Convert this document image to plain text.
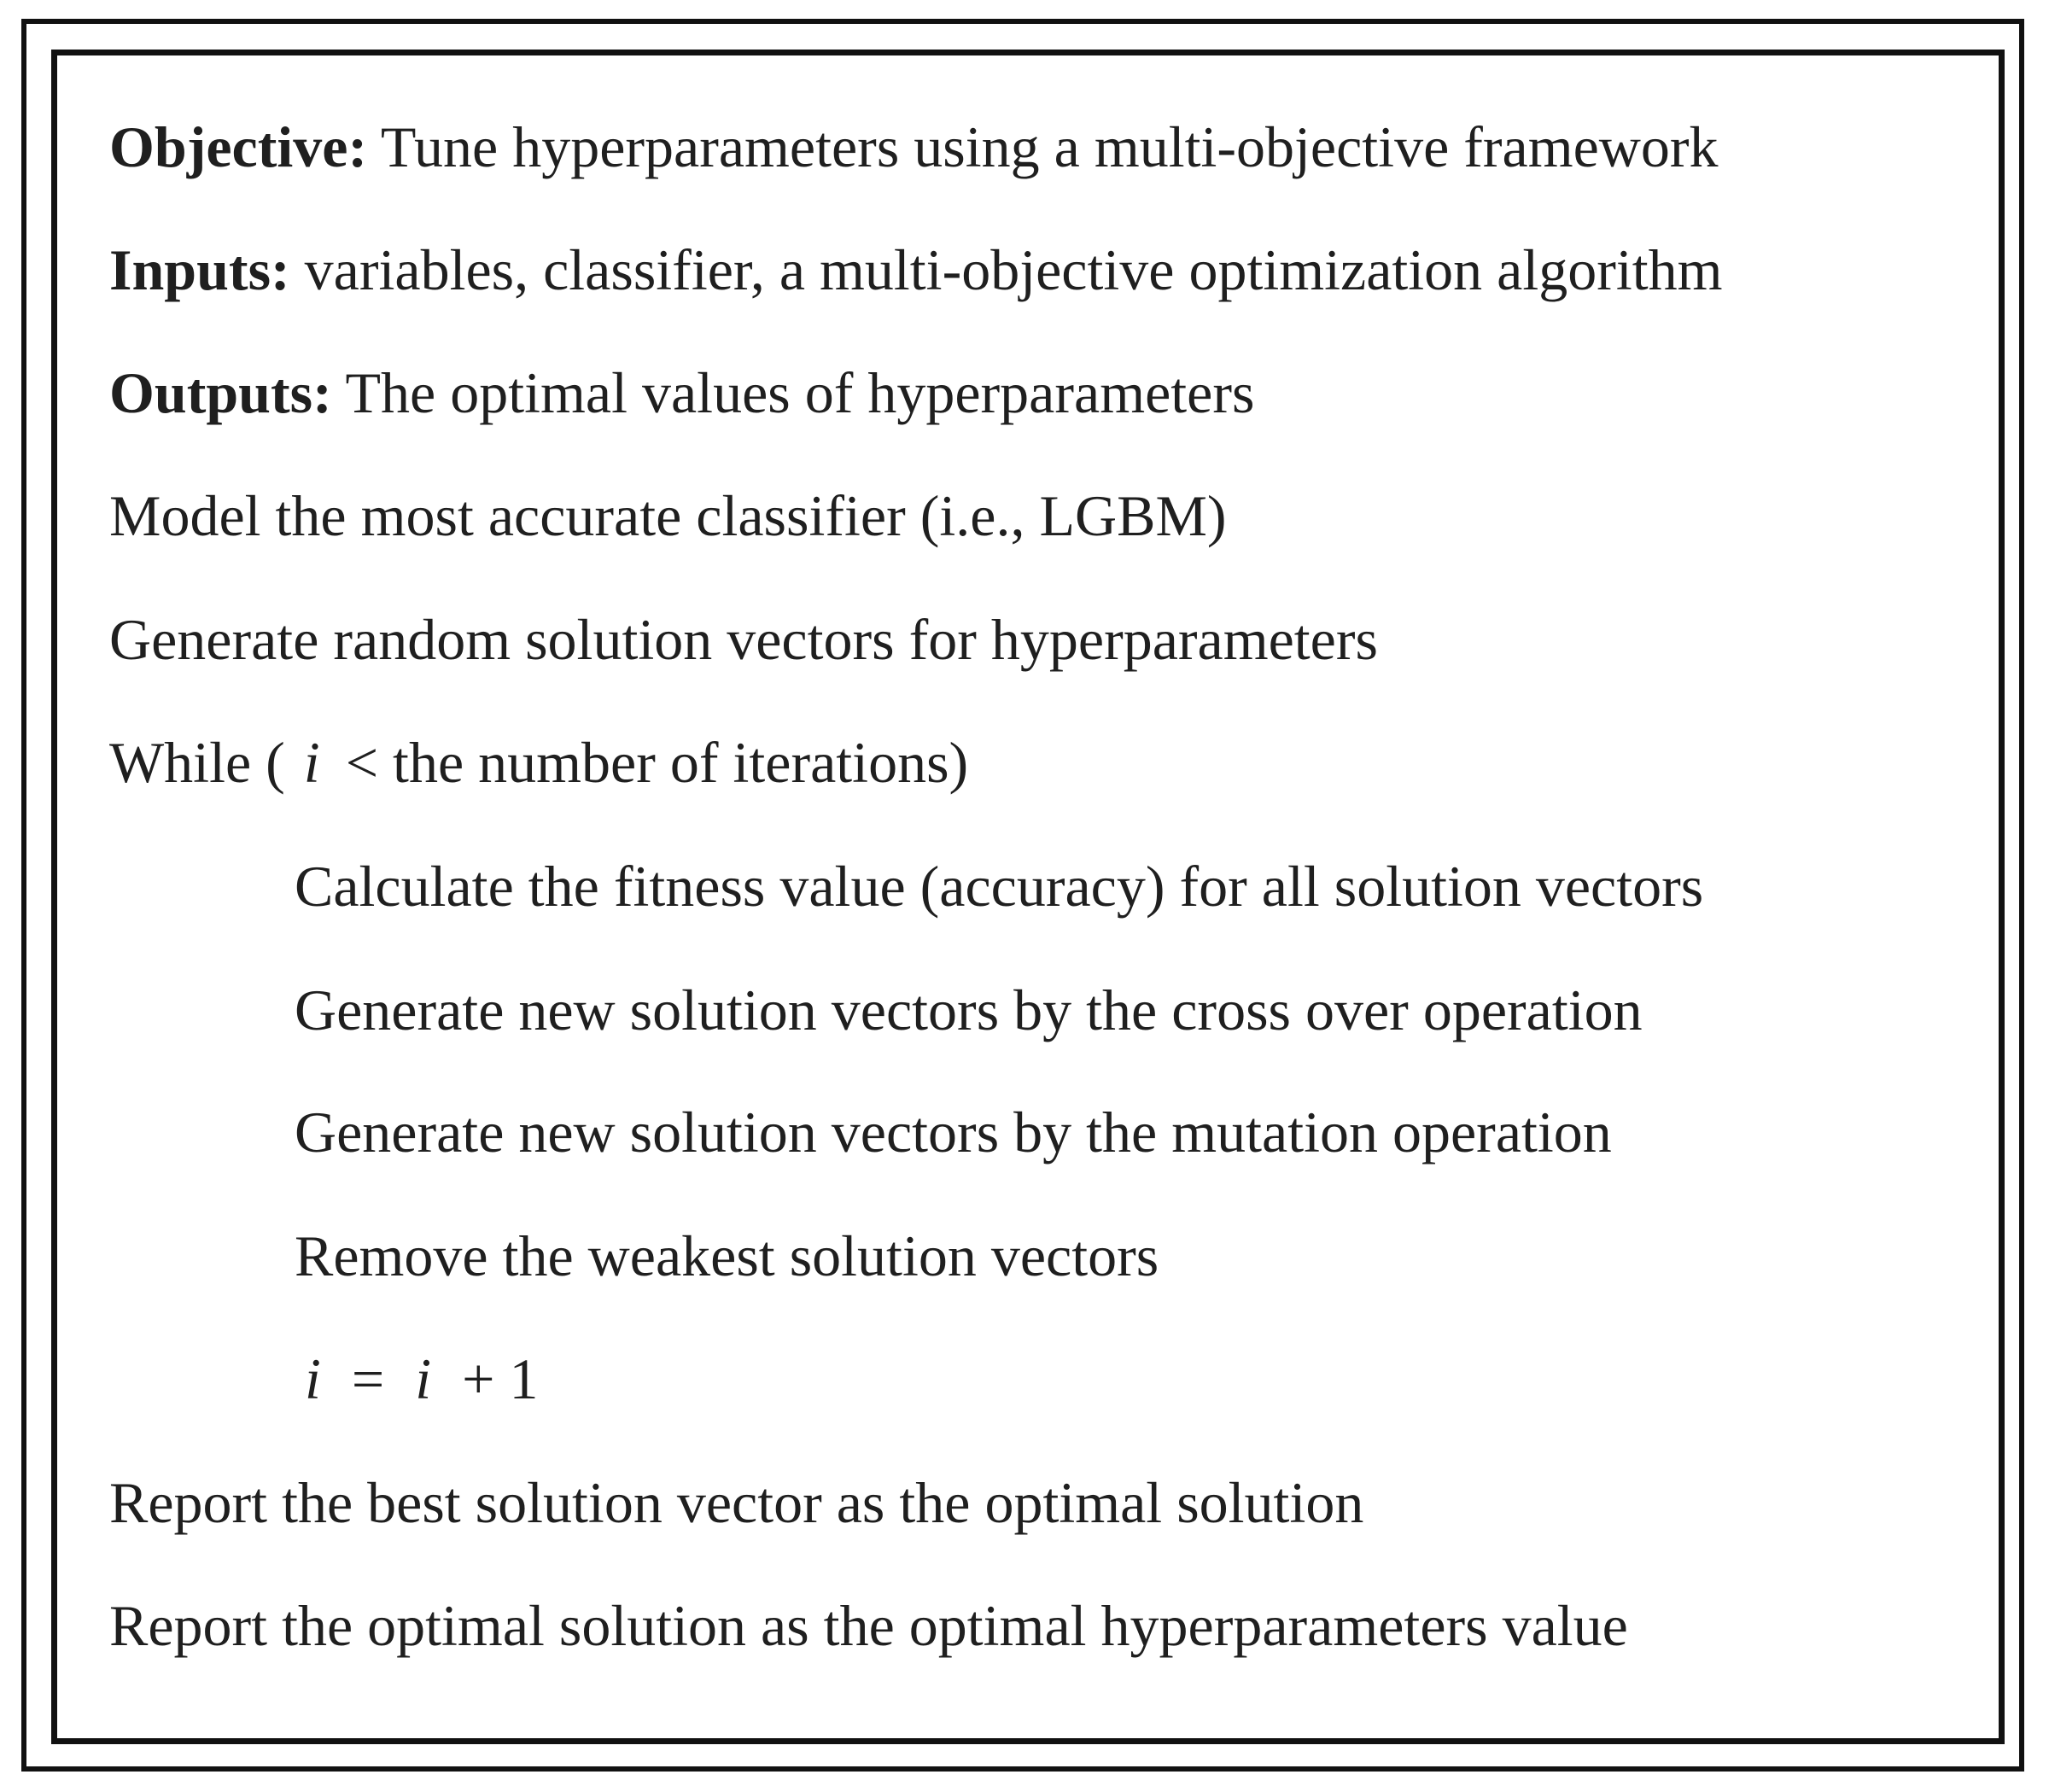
Objective: Tune hyperparameters using a multi-objective framework
Inputs: variables, classifier, a multi-objective optimization algorithm
Outputs: The optimal values of hyperparameters
Model the most accurate classifier (i.e., LGBM)
Generate random solution vectors for hyperparameters
While ( i < the number of iterations)
Calculate the fitness value (accuracy) for all solution vectors
Generate new solution vectors by the cross over operation
Generate new solution vectors by the mutation operation
Remove the weakest solution vectors
i = i + 1
Report the best solution vector as the optimal solution
Report the optimal solution as the optimal hyperparameters value
